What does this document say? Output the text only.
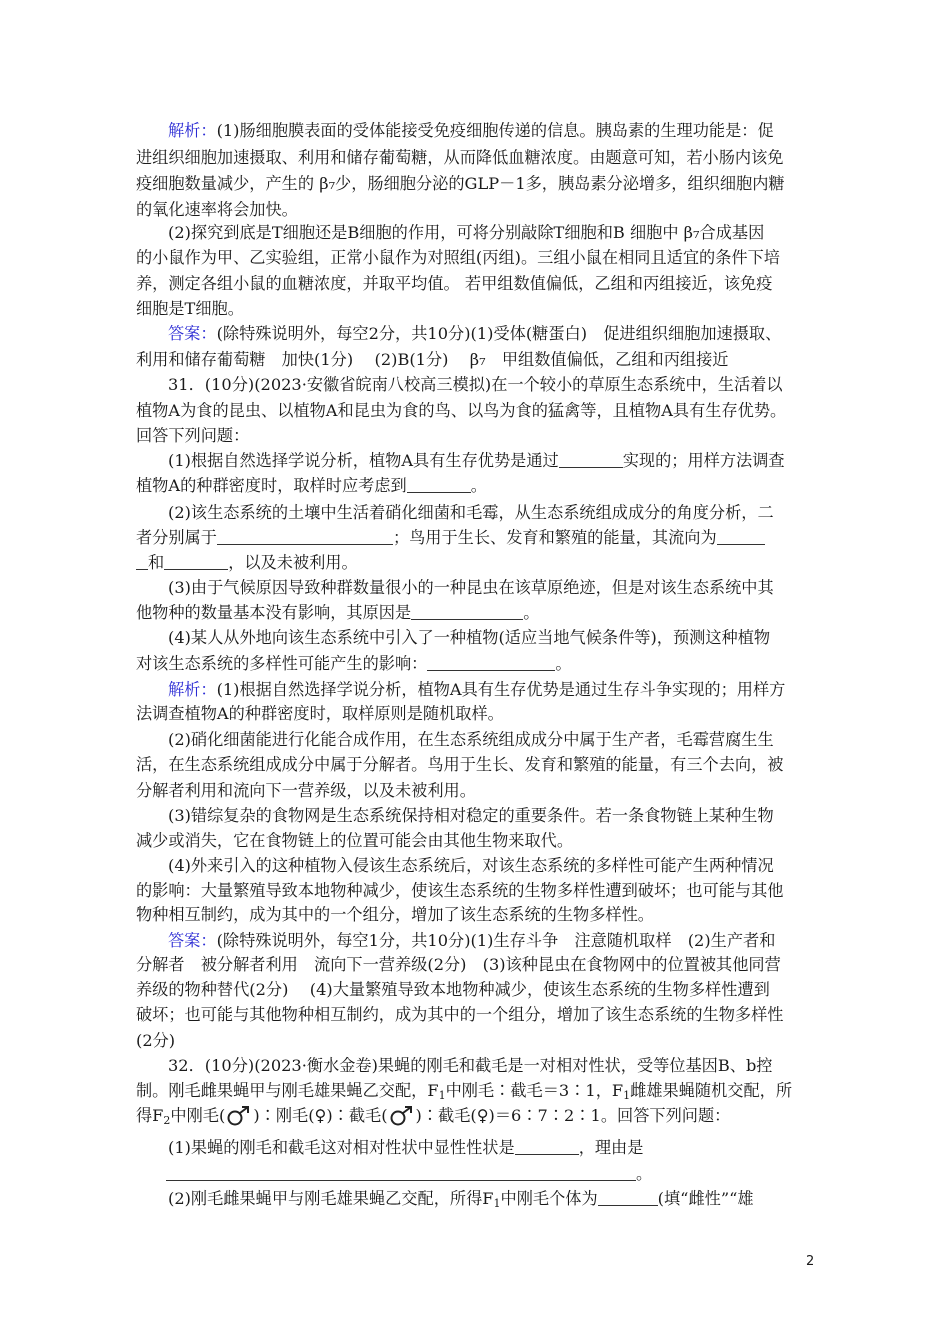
解析：(1)肠细胞膜表面的受体能接受免疫细胞传递的信息。胰岛素的生理功能是：促
进组织细胞加速摄取、利用和储存葡萄糖，从而降低血糖浓度。由题意可知，若小肠内该免
疫细胞数量减少，产生的 β₇少，肠细胞分泌的GLP－1多，胰岛素分泌增多，组织细胞内糖
的氧化速率将会加快。
(2)探究到底是T细胞还是B细胞的作用，可将分别敲除T细胞和B 细胞中 β₇合成基因
的小鼠作为甲、乙实验组，正常小鼠作为对照组(丙组)。三组小鼠在相同且适宜的条件下培
养，测定各组小鼠的血糖浓度，并取平均值。 若甲组数值偏低，乙组和丙组接近，该免疫
细胞是T细胞。
答案：(除特殊说明外，每空2分，共10分)(1)受体(糖蛋白)　促进组织细胞加速摄取、
利用和储存葡萄糖　加快(1分)　 (2)B(1分)　 β₇　甲组数值偏低，乙组和丙组接近
31．(10分)(2023·安徽省皖南八校高三模拟)在一个较小的草原生态系统中，生活着以
植物A为食的昆虫、以植物A和昆虫为食的鸟、以鸟为食的猛禽等，且植物A具有生存优势。
回答下列问题：
(1)根据自然选择学说分析，植物A具有生存优势是通过	实现的；用样方法调查
植物A的种群密度时，取样时应考虑到	。
(2)该生态系统的土壤中生活着硝化细菌和毛霉，从生态系统组成成分的角度分析，二
者分别属于	；鸟用于生长、发育和繁殖的能量，其流向为
和	，以及未被利用。
(3)由于气候原因导致种群数量很小的一种昆虫在该草原绝迹，但是对该生态系统中其
他物种的数量基本没有影响，其原因是	。
(4)某人从外地向该生态系统中引入了一种植物(适应当地气候条件等)，预测这种植物
对该生态系统的多样性可能产生的影响：	。
解析：(1)根据自然选择学说分析，植物A具有生存优势是通过生存斗争实现的；用样方
法调查植物A的种群密度时，取样原则是随机取样。
(2)硝化细菌能进行化能合成作用，在生态系统组成成分中属于生产者，毛霉营腐生生
活，在生态系统组成成分中属于分解者。鸟用于生长、发育和繁殖的能量，有三个去向，被
分解者利用和流向下一营养级，以及未被利用。
(3)错综复杂的食物网是生态系统保持相对稳定的重要条件。若一条食物链上某种生物
减少或消失，它在食物链上的位置可能会由其他生物来取代。
(4)外来引入的这种植物入侵该生态系统后，对该生态系统的多样性可能产生两种情况
的影响：大量繁殖导致本地物种减少，使该生态系统的生物多样性遭到破坏；也可能与其他
物种相互制约，成为其中的一个组分，增加了该生态系统的生物多样性。
答案：(除特殊说明外，每空1分，共10分)(1)生存斗争　注意随机取样　(2)生产者和
分解者　被分解者利用　流向下一营养级(2分)　(3)该种昆虫在食物网中的位置被其他同营
养级的物种替代(2分)　 (4)大量繁殖导致本地物种减少，使该生态系统的生物多样性遭到
破坏；也可能与其他物种相互制约，成为其中的一个组分，增加了该生态系统的生物多样性
(2分)
32．(10分)(2023·衡水金卷)果蝇的刚毛和截毛是一对相对性状，受等位基因B、b控
制。刚毛雌果蝇甲与刚毛雄果蝇乙交配，$F_1$中刚毛∶截毛＝3∶1，$F_1$雌雄果蝇随机交配，所
得$F_2$中刚毛( )∶刚毛(♀)∶截毛( )∶截毛(♀)＝6∶7∶2∶1。回答下列问题：
(1)果蝇的刚毛和截毛这对相对性状中显性性状是	，理由是
。
(2)刚毛雌果蝇甲与刚毛雄果蝇乙交配，所得$F_1$中刚毛个体为	(填“雌性”“雄
2
